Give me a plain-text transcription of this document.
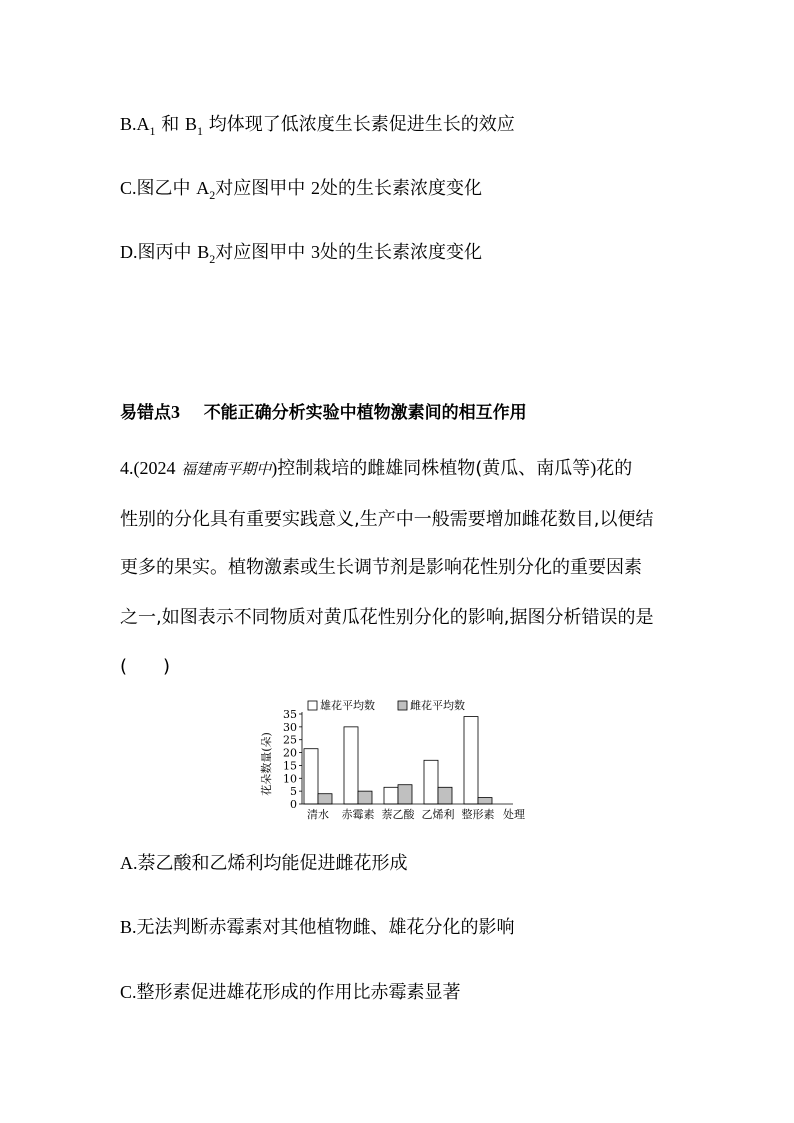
$B.A_1$ 和 $B_1$ 均体现了低浓度生长素促进生长的效应
C.图乙中 $A_2$对应图甲中 2处的生长素浓度变化
D.图丙中 $B_2$对应图甲中 3处的生长素浓度变化
易错点3 不能正确分析实验中植物激素间的相互作用
4.(2024 福建南平期中)控制栽培的雌雄同株植物(黄瓜、南瓜等)花的
性别的分化具有重要实践意义,生产中一般需要增加雌花数目,以便结
更多的果实。植物激素或生长调节剂是影响花性别分化的重要因素
之一,如图表示不同物质对黄瓜花性别分化的影响,据图分析错误的是
(　　)
雄花平均数	雌花平均数
花朵数量(朵)
0
5
10
15
20
25
30
35
清水 赤霉素 萘乙酸 乙烯利 整形素 处理
A.萘乙酸和乙烯利均能促进雌花形成
B.无法判断赤霉素对其他植物雌、雄花分化的影响
C.整形素促进雄花形成的作用比赤霉素显著
